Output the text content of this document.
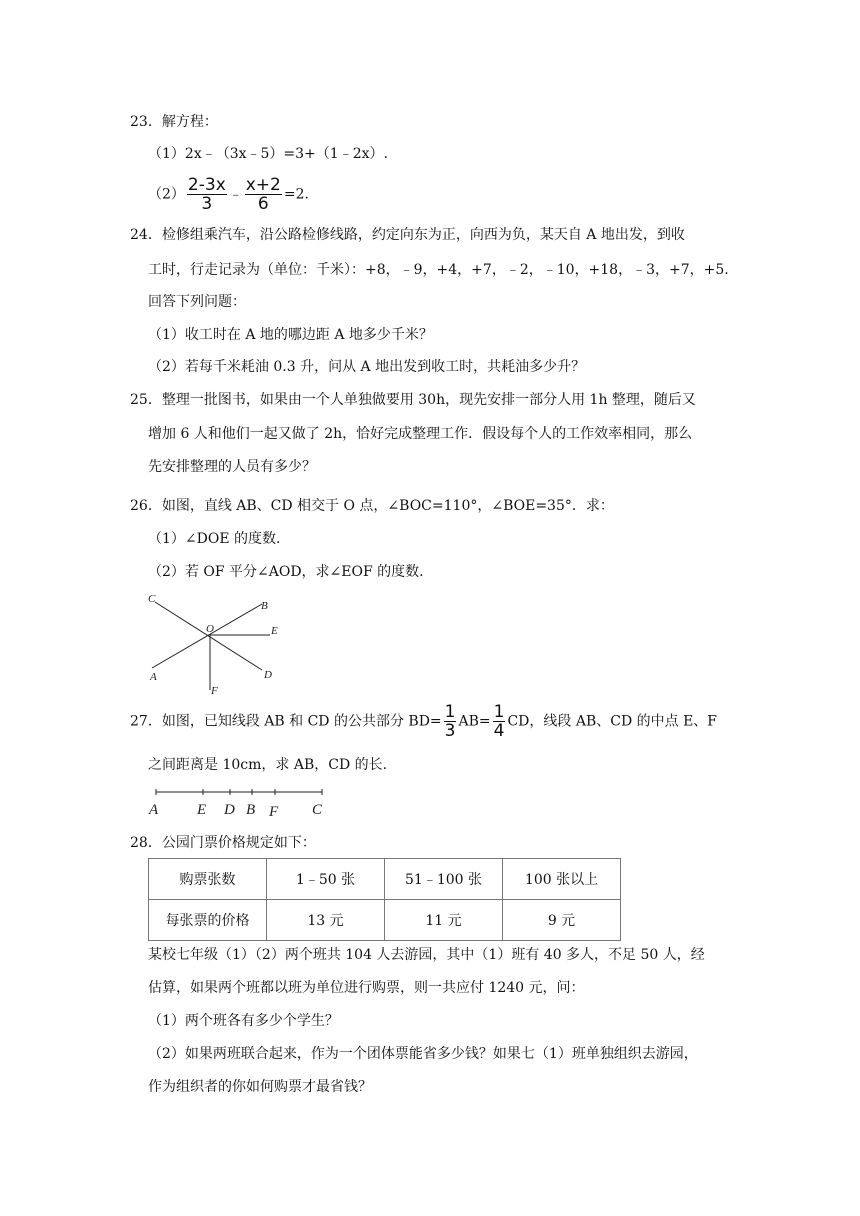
23．解方程：
（1）2x﹣（3x﹣5）=3+（1﹣2x）.
$(2) \frac{2-3x}{3}$ ﹣ $\frac{x+2}{6} =2$.
24．检修组乘汽车，沿公路检修线路，约定向东为正，向西为负，某天自 A 地出发，到收
工时，行走记录为（单位：千米）：+8，﹣9，+4，+7，﹣2，﹣10，+18，﹣3，+7，+5.
回答下列问题：
（1）收工时在 A 地的哪边距 A 地多少千米？
（2）若每千米耗油 0.3 升，问从 A 地出发到收工时，共耗油多少升？
25．整理一批图书，如果由一个人单独做要用 30h，现先安排一部分人用 1h 整理，随后又
增加 6 人和他们一起又做了 2h，恰好完成整理工作．假设每个人的工作效率相同，那么
先安排整理的人员有多少？
26．如图，直线 AB、CD 相交于 O 点，∠BOC=110°，∠BOE=35°．求：
（1）∠DOE 的度数.
（2）若 OF 平分∠AOD，求∠EOF 的度数.
C
B
O	E
A	D
F
27．如图，已知线段 AB 和 CD 的公共部分 $BD= \frac{1}{3} AB= \frac{1}{4}$ CD，线段 AB、CD 的中点 E、F
之间距离是 10cm，求 AB，CD 的长.
A	E D B F C
28．公园门票价格规定如下：
购票张数	1﹣50 张	51﹣100 张	100 张以上
每张票的价格	13 元	11 元	9 元
某校七年级（1）（2）两个班共 104 人去游园，其中（1）班有 40 多人，不足 50 人，经
估算，如果两个班都以班为单位进行购票，则一共应付 1240 元，问：
（1）两个班各有多少个学生？
（2）如果两班联合起来，作为一个团体票能省多少钱？如果七（1）班单独组织去游园，
作为组织者的你如何购票才最省钱？
